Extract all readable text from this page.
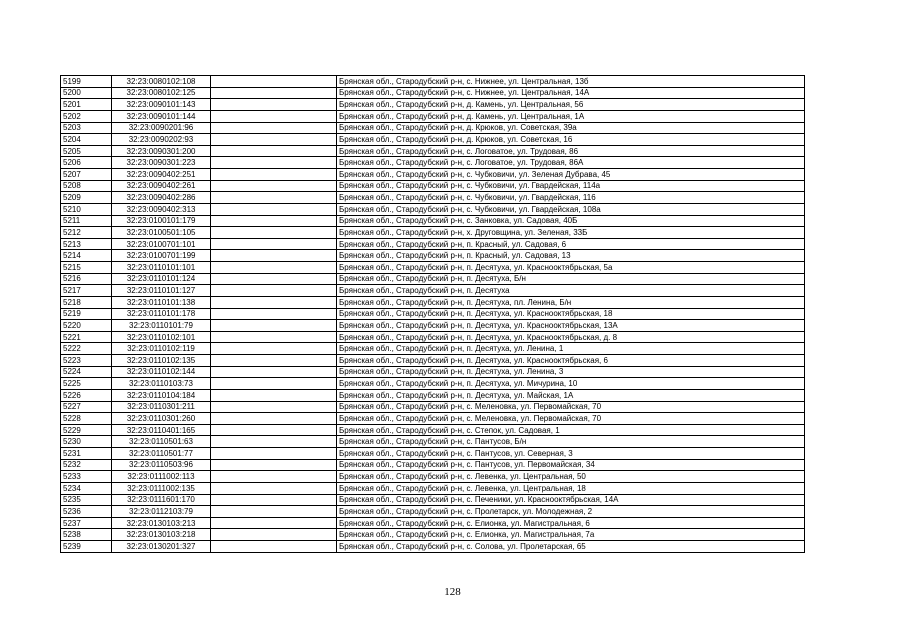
5199	32:23:0080102:108		Брянская обл., Стародубский р-н, с. Нижнее, ул. Центральная, 13б
5200	32:23:0080102:125		Брянская обл., Стародубский р-н, с. Нижнее, ул. Центральная, 14А
5201	32:23:0090101:143		Брянская обл., Стародубский р-н, д. Камень, ул. Центральная, 56
5202	32:23:0090101:144		Брянская обл., Стародубский р-н, д. Камень, ул. Центральная, 1А
5203	32:23:0090201:96		Брянская обл., Стародубский р-н, д. Крюков, ул. Советская, 39а
5204	32:23:0090202:93		Брянская обл., Стародубский р-н, д. Крюков, ул. Советская, 16
5205	32:23:0090301:200		Брянская обл., Стародубский р-н, с. Логоватое, ул. Трудовая, 86
5206	32:23:0090301:223		Брянская обл., Стародубский р-н, с. Логоватое, ул. Трудовая, 86А
5207	32:23:0090402:251		Брянская обл., Стародубский р-н, с. Чубковичи, ул. Зеленая Дубрава, 45
5208	32:23:0090402:261		Брянская обл., Стародубский р-н, с. Чубковичи, ул. Гвардейская, 114а
5209	32:23:0090402:286		Брянская обл., Стародубский р-н, с. Чубковичи, ул. Гвардейская, 116
5210	32:23:0090402:313		Брянская обл., Стародубский р-н, с. Чубковичи, ул. Гвардейская, 108а
5211	32:23:0100101:179		Брянская обл., Стародубский р-н, с. Занковка, ул. Садовая, 40Б
5212	32:23:0100501:105		Брянская обл., Стародубский р-н, х. Друговщина, ул. Зеленая, 33Б
5213	32:23:0100701:101		Брянская обл., Стародубский р-н, п. Красный, ул. Садовая, 6
5214	32:23:0100701:199		Брянская обл., Стародубский р-н, п. Красный, ул. Садовая, 13
5215	32:23:0110101:101		Брянская обл., Стародубский р-н, п. Десятуха, ул. Краснооктябрьская, 5а
5216	32:23:0110101:124		Брянская обл., Стародубский р-н, п. Десятуха, Б/н
5217	32:23:0110101:127		Брянская обл., Стародубский р-н, п. Десятуха
5218	32:23:0110101:138		Брянская обл., Стародубский р-н, п. Десятуха, пл. Ленина, Б/н
5219	32:23:0110101:178		Брянская обл., Стародубский р-н, п. Десятуха, ул. Краснооктябрьская, 18
5220	32:23:0110101:79		Брянская обл., Стародубский р-н, п. Десятуха, ул. Краснооктябрьская, 13А
5221	32:23:0110102:101		Брянская обл., Стародубский р-н, п. Десятуха, ул. Краснооктябрьская, д. 8
5222	32:23:0110102:119		Брянская обл., Стародубский р-н, п. Десятуха, ул. Ленина, 1
5223	32:23:0110102:135		Брянская обл., Стародубский р-н, п. Десятуха, ул. Краснооктябрьская, 6
5224	32:23:0110102:144		Брянская обл., Стародубский р-н, п. Десятуха, ул. Ленина, 3
5225	32:23:0110103:73		Брянская обл., Стародубский р-н, п. Десятуха, ул. Мичурина, 10
5226	32:23:0110104:184		Брянская обл., Стародубский р-н, п. Десятуха, ул. Майская, 1А
5227	32:23:0110301:211		Брянская обл., Стародубский р-н, с. Меленовка, ул. Первомайская, 70
5228	32:23:0110301:260		Брянская обл., Стародубский р-н, с. Меленовка, ул. Первомайская, 70
5229	32:23:0110401:165		Брянская обл., Стародубский р-н, с. Степок, ул. Садовая, 1
5230	32:23:0110501:63		Брянская обл., Стародубский р-н, с. Пантусов, Б/н
5231	32:23:0110501:77		Брянская обл., Стародубский р-н, с. Пантусов, ул. Северная, 3
5232	32:23:0110503:96		Брянская обл., Стародубский р-н, с. Пантусов, ул. Первомайская, 34
5233	32:23:0111002:113		Брянская обл., Стародубский р-н, с. Левенка, ул. Центральная, 50
5234	32:23:0111002:135		Брянская обл., Стародубский р-н, с. Левенка, ул. Центральная, 18
5235	32:23:0111601:170		Брянская обл., Стародубский р-н, с. Печеники, ул. Краснооктябрьская, 14А
5236	32:23:0112103:79		Брянская обл., Стародубский р-н, с. Пролетарск, ул. Молодежная, 2
5237	32:23:0130103:213		Брянская обл., Стародубский р-н, с. Елионка, ул. Магистральная, 6
5238	32:23:0130103:218		Брянская обл., Стародубский р-н, с. Елионка, ул. Магистральная, 7а
5239	32:23:0130201:327		Брянская обл., Стародубский р-н, с. Солова, ул. Пролетарская, 65
128
